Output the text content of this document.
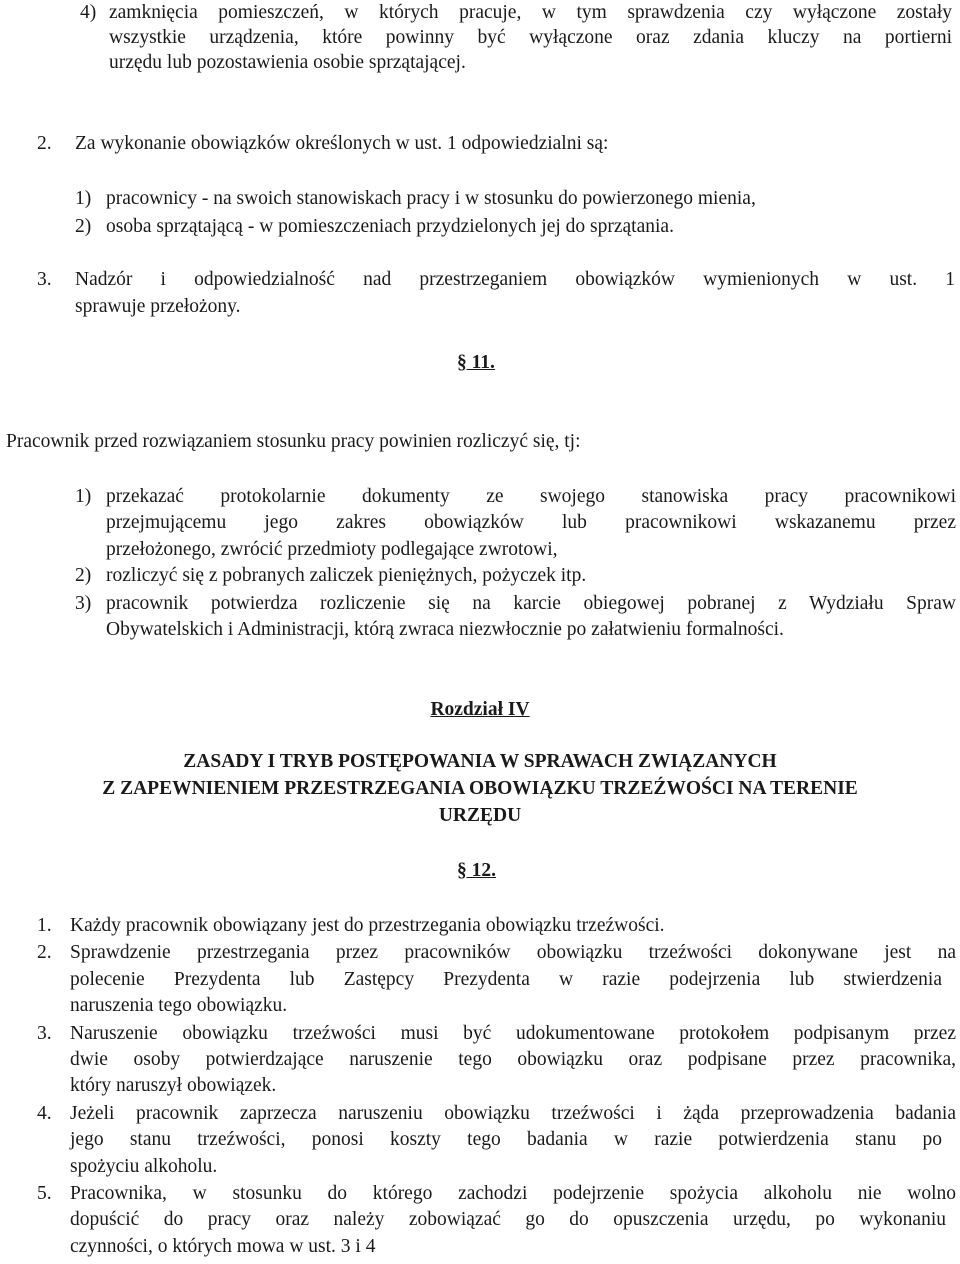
4) zamknięcia pomieszczeń, w których pracuje, w tym sprawdzenia czy wyłączone zostały
wszystkie urządzenia, które powinny być wyłączone oraz zdania kluczy na portierni
urzędu lub pozostawienia osobie sprzątającej.
2. Za wykonanie obowiązków określonych w ust. 1 odpowiedzialni są:
1) pracownicy - na swoich stanowiskach pracy i w stosunku do powierzonego mienia,
2) osoba sprzątającą - w pomieszczeniach przydzielonych jej do sprzątania.
3. Nadzór i odpowiedzialność nad przestrzeganiem obowiązków wymienionych w ust. 1
sprawuje przełożony.
§ 11.
Pracownik przed rozwiązaniem stosunku pracy powinien rozliczyć się, tj:
1) przekazać protokolarnie dokumenty ze swojego stanowiska pracy pracownikowi
przejmującemu jego zakres obowiązków lub pracownikowi wskazanemu przez
przełożonego, zwrócić przedmioty podlegające zwrotowi,
2) rozliczyć się z pobranych zaliczek pieniężnych, pożyczek itp.
3) pracownik potwierdza rozliczenie się na karcie obiegowej pobranej z Wydziału Spraw
Obywatelskich i Administracji, którą zwraca niezwłocznie po załatwieniu formalności.
Rozdział IV
ZASADY I TRYB POSTĘPOWANIA W SPRAWACH ZWIĄZANYCH
Z ZAPEWNIENIEM PRZESTRZEGANIA OBOWIĄZKU TRZEŹWOŚCI NA TERENIE
URZĘDU
§ 12.
1. Każdy pracownik obowiązany jest do przestrzegania obowiązku trzeźwości.
2. Sprawdzenie przestrzegania przez pracowników obowiązku trzeźwości dokonywane jest na
polecenie Prezydenta lub Zastępcy Prezydenta w razie podejrzenia lub stwierdzenia
naruszenia tego obowiązku.
3. Naruszenie obowiązku trzeźwości musi być udokumentowane protokołem podpisanym przez
dwie osoby potwierdzające naruszenie tego obowiązku oraz podpisane przez pracownika,
który naruszył obowiązek.
4. Jeżeli pracownik zaprzecza naruszeniu obowiązku trzeźwości i żąda przeprowadzenia badania
jego stanu trzeźwości, ponosi koszty tego badania w razie potwierdzenia stanu po
spożyciu alkoholu.
5. Pracownika, w stosunku do którego zachodzi podejrzenie spożycia alkoholu nie wolno
dopuścić do pracy oraz należy zobowiązać go do opuszczenia urzędu, po wykonaniu
czynności, o których mowa w ust. 3 i 4
